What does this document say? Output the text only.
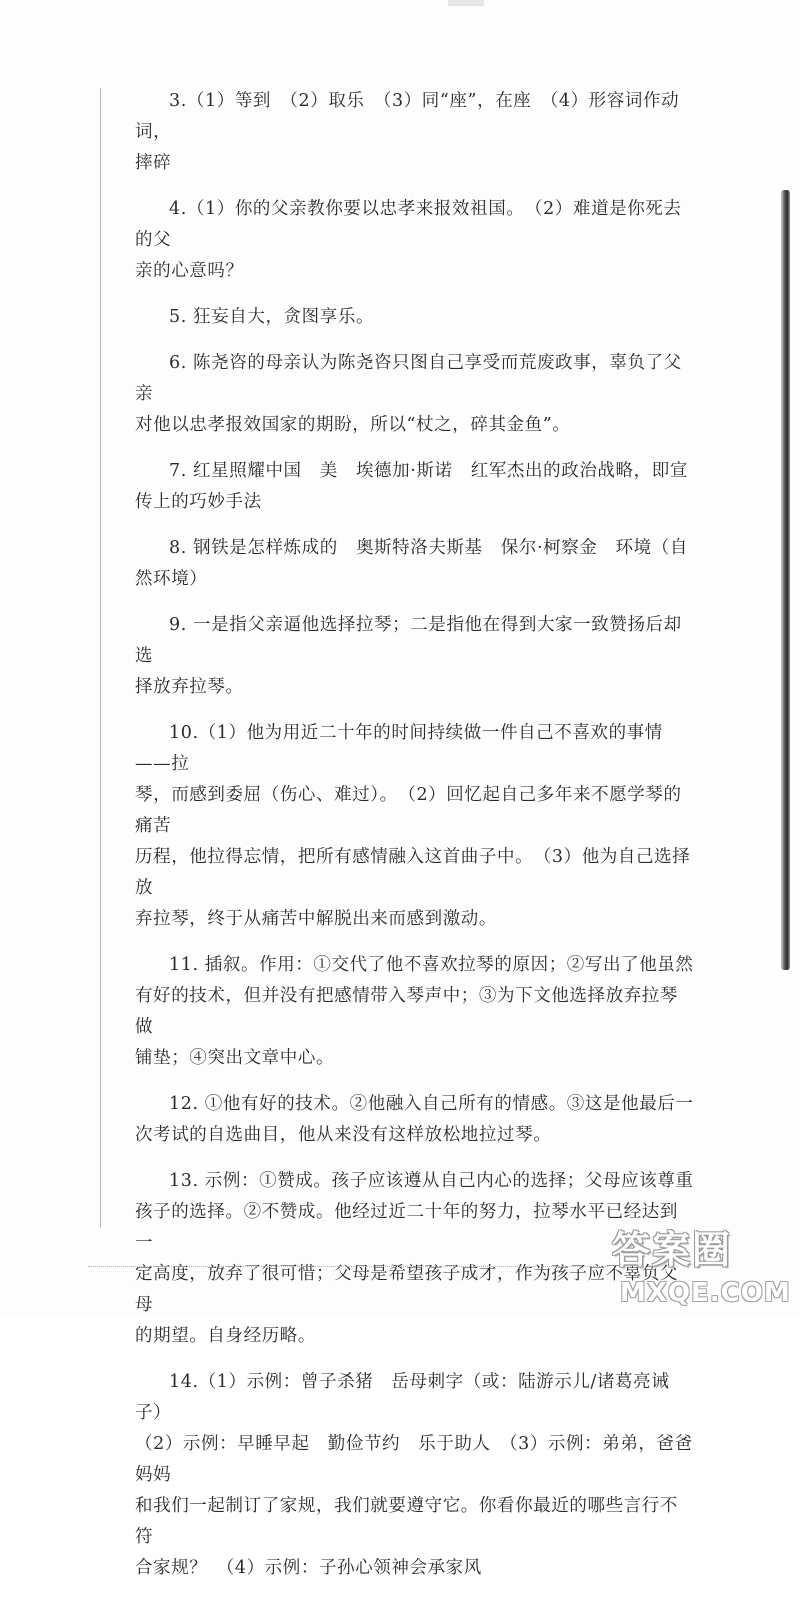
3.（1）等到　（2）取乐　（3）同“座”，在座　（4）形容词作动词，

摔碎

4.（1）你的父亲教你要以忠孝来报效祖国。　（2）难道是你死去的父

亲的心意吗？

5. 狂妄自大，贪图享乐。

6. 陈尧咨的母亲认为陈尧咨只图自己享受而荒废政事，辜负了父亲

对他以忠孝报效国家的期盼，所以“杖之，碎其金鱼”。

7. 红星照耀中国　美　埃德加·斯诺　红军杰出的政治战略，即宣

传上的巧妙手法

8. 钢铁是怎样炼成的　奥斯特洛夫斯基　保尔·柯察金　环境（自

然环境）

9. 一是指父亲逼他选择拉琴；二是指他在得到大家一致赞扬后却选

择放弃拉琴。

10.（1）他为用近二十年的时间持续做一件自己不喜欢的事情——拉

琴，而感到委屈（伤心、难过）。　（2）回忆起自己多年来不愿学琴的痛苦

历程，他拉得忘情，把所有感情融入这首曲子中。　（3）他为自己选择放

弃拉琴，终于从痛苦中解脱出来而感到激动。

11. 插叙。作用：①交代了他不喜欢拉琴的原因；②写出了他虽然

有好的技术，但并没有把感情带入琴声中；③为下文他选择放弃拉琴做

铺垫；④突出文章中心。

12. ①他有好的技术。②他融入自己所有的情感。③这是他最后一

次考试的自选曲目，他从来没有这样放松地拉过琴。

13. 示例：①赞成。孩子应该遵从自己内心的选择；父母应该尊重

孩子的选择。②不赞成。他经过近二十年的努力，拉琴水平已经达到一

定高度，放弃了很可惜；父母是希望孩子成才，作为孩子应不辜负父母

的期望。自身经历略。

14.（1）示例：曾子杀猪　岳母刺字（或：陆游示儿/诸葛亮诫子）

（2）示例：早睡早起　勤俭节约　乐于助人　（3）示例：弟弟，爸爸妈妈

和我们一起制订了家规，我们就要遵守它。你看你最近的哪些言行不符

合家规？　（4）示例：子孙心领神会承家风

答案圈
MXQE.COM
